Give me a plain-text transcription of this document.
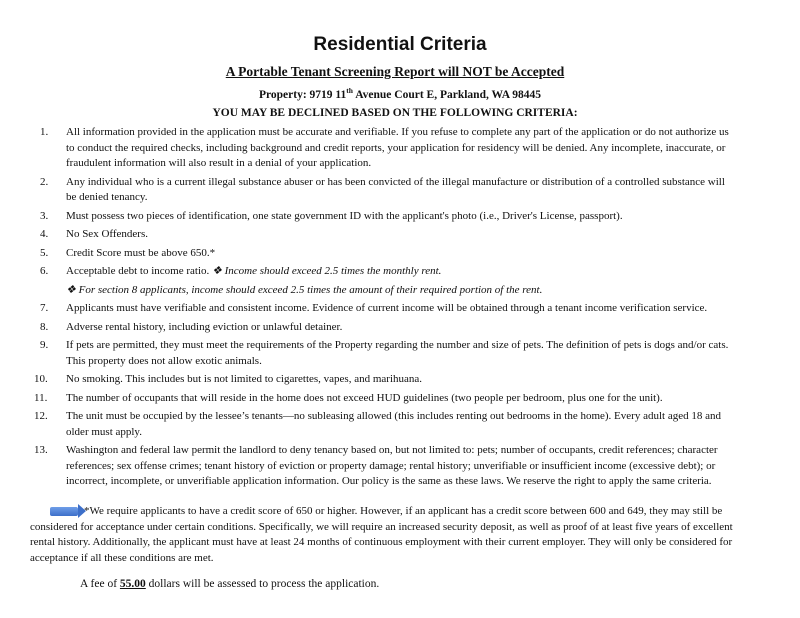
Residential Criteria
A Portable Tenant Screening Report will NOT be Accepted
Property: 9719 11th Avenue Court E, Parkland, WA 98445
YOU MAY BE DECLINED BASED ON THE FOLLOWING CRITERIA:
1.	All information provided in the application must be accurate and verifiable. If you refuse to complete any part of the application or do not authorize us to conduct the required checks, including background and credit reports, your application for residency will be denied. Any incomplete, inaccurate, or fraudulent information will also result in a denial of your application.
2.	Any individual who is a current illegal substance abuser or has been convicted of the illegal manufacture or distribution of a controlled substance will be denied tenancy.
3.	Must possess two pieces of identification, one state government ID with the applicant's photo (i.e., Driver's License, passport).
4.	No Sex Offenders.
5.	Credit Score must be above 650.*
6.	Acceptable debt to income ratio. ❖ Income should exceed 2.5 times the monthly rent.
❖ For section 8 applicants, income should exceed 2.5 times the amount of their required portion of the rent.
7.	Applicants must have verifiable and consistent income. Evidence of current income will be obtained through a tenant income verification service.
8.	Adverse rental history, including eviction or unlawful detainer.
9.	If pets are permitted, they must meet the requirements of the Property regarding the number and size of pets. The definition of pets is dogs and/or cats. This property does not allow exotic animals.
10.	No smoking. This includes but is not limited to cigarettes, vapes, and marihuana.
11.	The number of occupants that will reside in the home does not exceed HUD guidelines (two people per bedroom, plus one for the unit).
12.	The unit must be occupied by the lessee’s tenants—no subleasing allowed (this includes renting out bedrooms in the home). Every adult aged 18 and older must apply.
13.	Washington and federal law permit the landlord to deny tenancy based on, but not limited to: pets; number of occupants, credit references; character references; sex offense crimes; tenant history of eviction or property damage; rental history; unverifiable or insufficient income (excessive debt); or incorrect, incomplete, or unverifiable application information. Our policy is the same as these laws. We reserve the right to apply the same criteria.
*We require applicants to have a credit score of 650 or higher. However, if an applicant has a credit score between 600 and 649, they may still be considered for acceptance under certain conditions. Specifically, we will require an increased security deposit, as well as proof of at least five years of excellent rental history. Additionally, the applicant must have at least 24 months of continuous employment with their current employer. They will only be considered for acceptance if all these conditions are met.
A fee of 55.00 dollars will be assessed to process the application.
